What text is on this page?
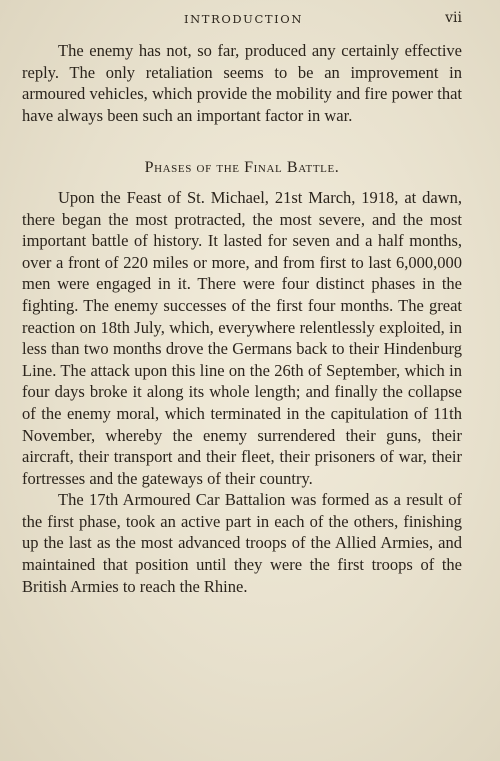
INTRODUCTION	vii

The enemy has not, so far, produced any certainly effective reply. The only retaliation seems to be an improvement in armoured vehicles, which provide the mobility and fire power that have always been such an important factor in war.

Phases of the Final Battle.

Upon the Feast of St. Michael, 21st March, 1918, at dawn, there began the most protracted, the most severe, and the most important battle of history. It lasted for seven and a half months, over a front of 220 miles or more, and from first to last 6,000,000 men were engaged in it. There were four distinct phases in the fighting. The enemy successes of the first four months. The great reaction on 18th July, which, everywhere relentlessly exploited, in less than two months drove the Germans back to their Hindenburg Line. The attack upon this line on the 26th of September, which in four days broke it along its whole length; and finally the collapse of the enemy moral, which terminated in the capitulation of 11th November, whereby the enemy surrendered their guns, their aircraft, their transport and their fleet, their prisoners of war, their fortresses and the gateways of their country.

The 17th Armoured Car Battalion was formed as a result of the first phase, took an active part in each of the others, finishing up the last as the most advanced troops of the Allied Armies, and maintained that position until they were the first troops of the British Armies to reach the Rhine.
